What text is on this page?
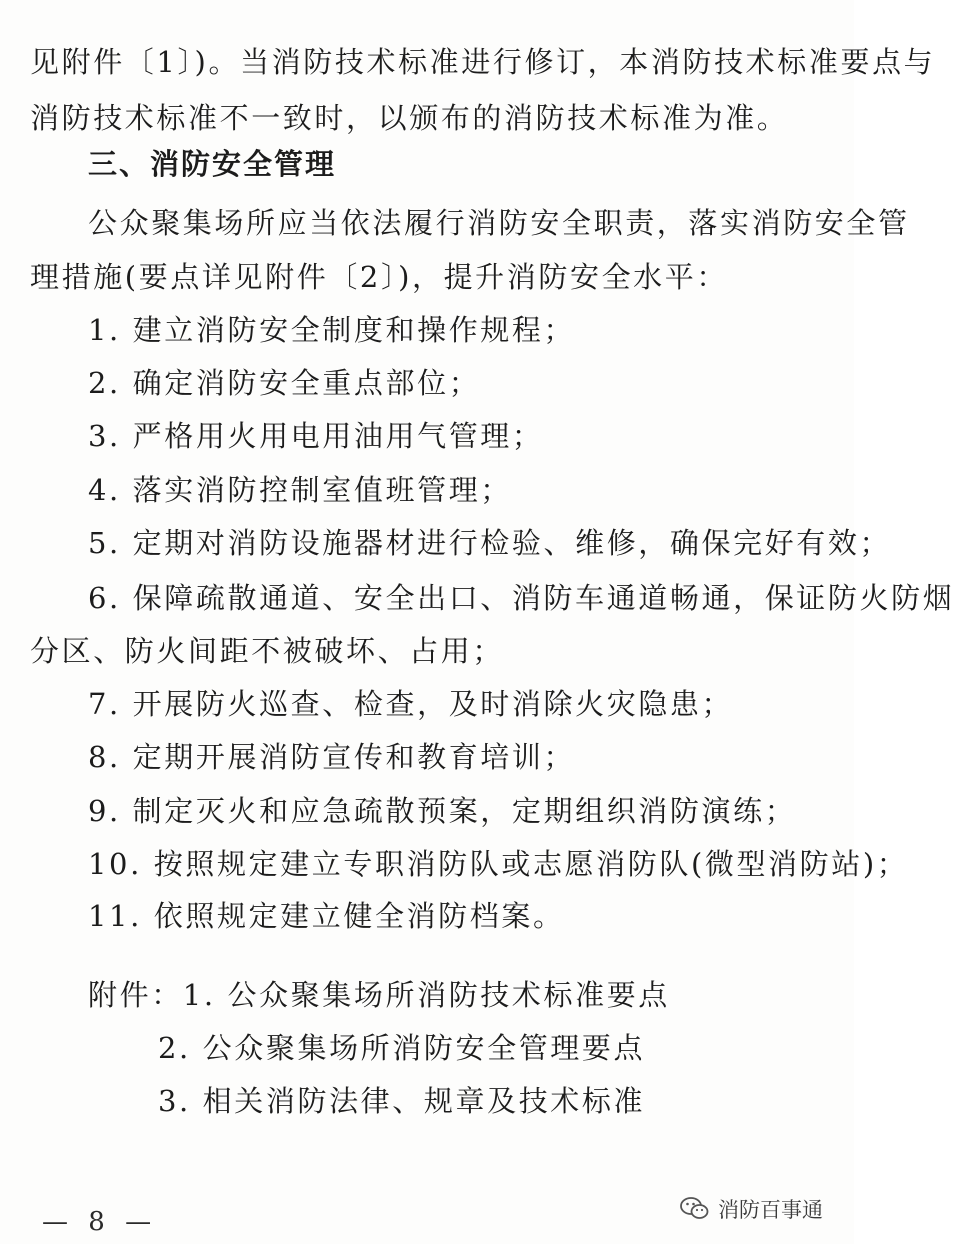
见附件〔1〕)。当消防技术标准进行修订，本消防技术标准要点与
消防技术标准不一致时，以颁布的消防技术标准为准。
三、消防安全管理
公众聚集场所应当依法履行消防安全职责，落实消防安全管
理措施(要点详见附件〔2〕)，提升消防安全水平：
1. 建立消防安全制度和操作规程；
2. 确定消防安全重点部位；
3. 严格用火用电用油用气管理；
4. 落实消防控制室值班管理；
5. 定期对消防设施器材进行检验、维修，确保完好有效；
6. 保障疏散通道、安全出口、消防车通道畅通，保证防火防烟
分区、防火间距不被破坏、占用；
7. 开展防火巡查、检查，及时消除火灾隐患；
8. 定期开展消防宣传和教育培训；
9. 制定灭火和应急疏散预案，定期组织消防演练；
10. 按照规定建立专职消防队或志愿消防队(微型消防站)；
11. 依照规定建立健全消防档案。
附件：1. 公众聚集场所消防技术标准要点
2. 公众聚集场所消防安全管理要点
3. 相关消防法律、规章及技术标准
— 8 —	消防百事通
